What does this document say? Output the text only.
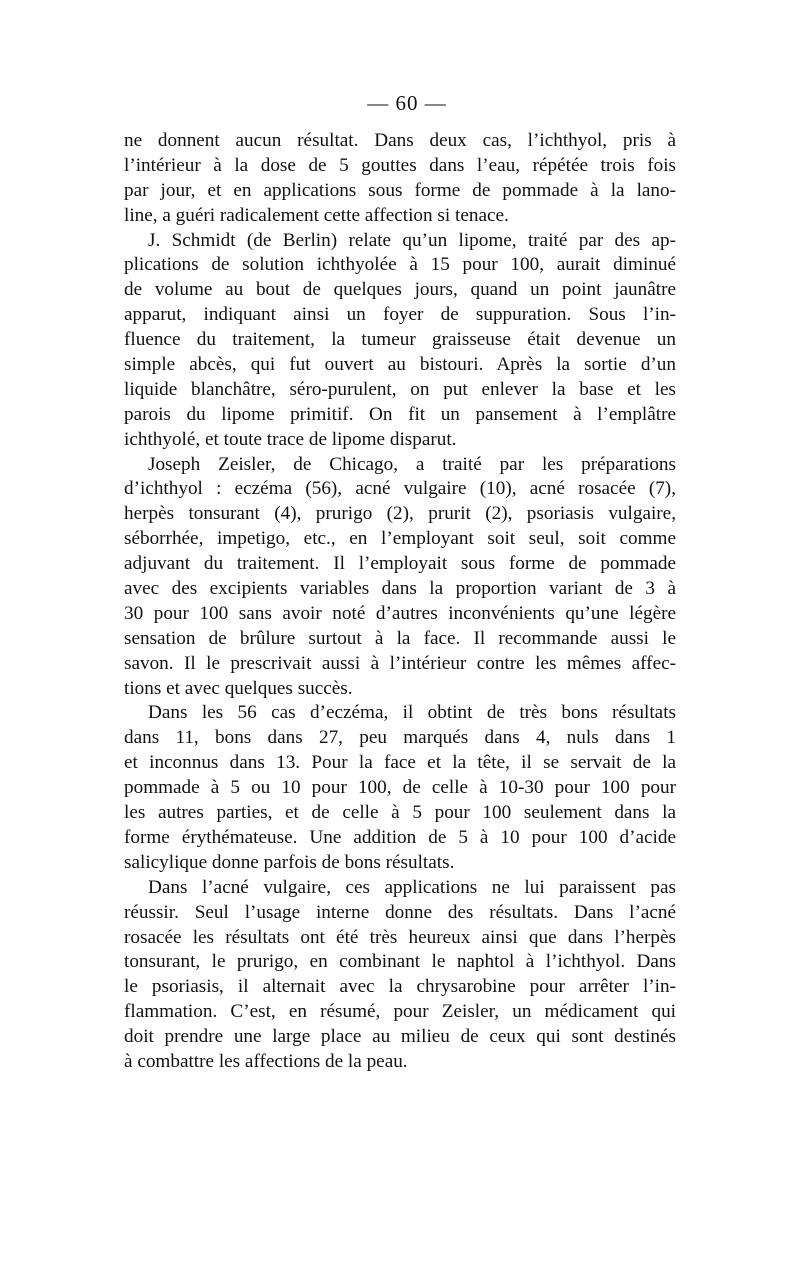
— 60 —
ne donnent aucun résultat. Dans deux cas, l’ichthyol, pris à
l’intérieur à la dose de 5 gouttes dans l’eau, répétée trois fois
par jour, et en applications sous forme de pommade à la lano-
line, a guéri radicalement cette affection si tenace.
J. Schmidt (de Berlin) relate qu’un lipome, traité par des ap-
plications de solution ichthyolée à 15 pour 100, aurait diminué
de volume au bout de quelques jours, quand un point jaunâtre
apparut, indiquant ainsi un foyer de suppuration. Sous l’in-
fluence du traitement, la tumeur graisseuse était devenue un
simple abcès, qui fut ouvert au bistouri. Après la sortie d’un
liquide blanchâtre, séro-purulent, on put enlever la base et les
parois du lipome primitif. On fit un pansement à l’emplâtre
ichthyolé, et toute trace de lipome disparut.
Joseph Zeisler, de Chicago, a traité par les préparations
d’ichthyol : eczéma (56), acné vulgaire (10), acné rosacée (7),
herpès tonsurant (4), prurigo (2), prurit (2), psoriasis vulgaire,
séborrhée, impetigo, etc., en l’employant soit seul, soit comme
adjuvant du traitement. Il l’employait sous forme de pommade
avec des excipients variables dans la proportion variant de 3 à
30 pour 100 sans avoir noté d’autres inconvénients qu’une légère
sensation de brûlure surtout à la face. Il recommande aussi le
savon. Il le prescrivait aussi à l’intérieur contre les mêmes affec-
tions et avec quelques succès.
Dans les 56 cas d’eczéma, il obtint de très bons résultats
dans 11, bons dans 27, peu marqués dans 4, nuls dans 1
et inconnus dans 13. Pour la face et la tête, il se servait de la
pommade à 5 ou 10 pour 100, de celle à 10-30 pour 100 pour
les autres parties, et de celle à 5 pour 100 seulement dans la
forme érythémateuse. Une addition de 5 à 10 pour 100 d’acide
salicylique donne parfois de bons résultats.
Dans l’acné vulgaire, ces applications ne lui paraissent pas
réussir. Seul l’usage interne donne des résultats. Dans l’acné
rosacée les résultats ont été très heureux ainsi que dans l’herpès
tonsurant, le prurigo, en combinant le naphtol à l’ichthyol. Dans
le psoriasis, il alternait avec la chrysarobine pour arrêter l’in-
flammation. C’est, en résumé, pour Zeisler, un médicament qui
doit prendre une large place au milieu de ceux qui sont destinés
à combattre les affections de la peau.
